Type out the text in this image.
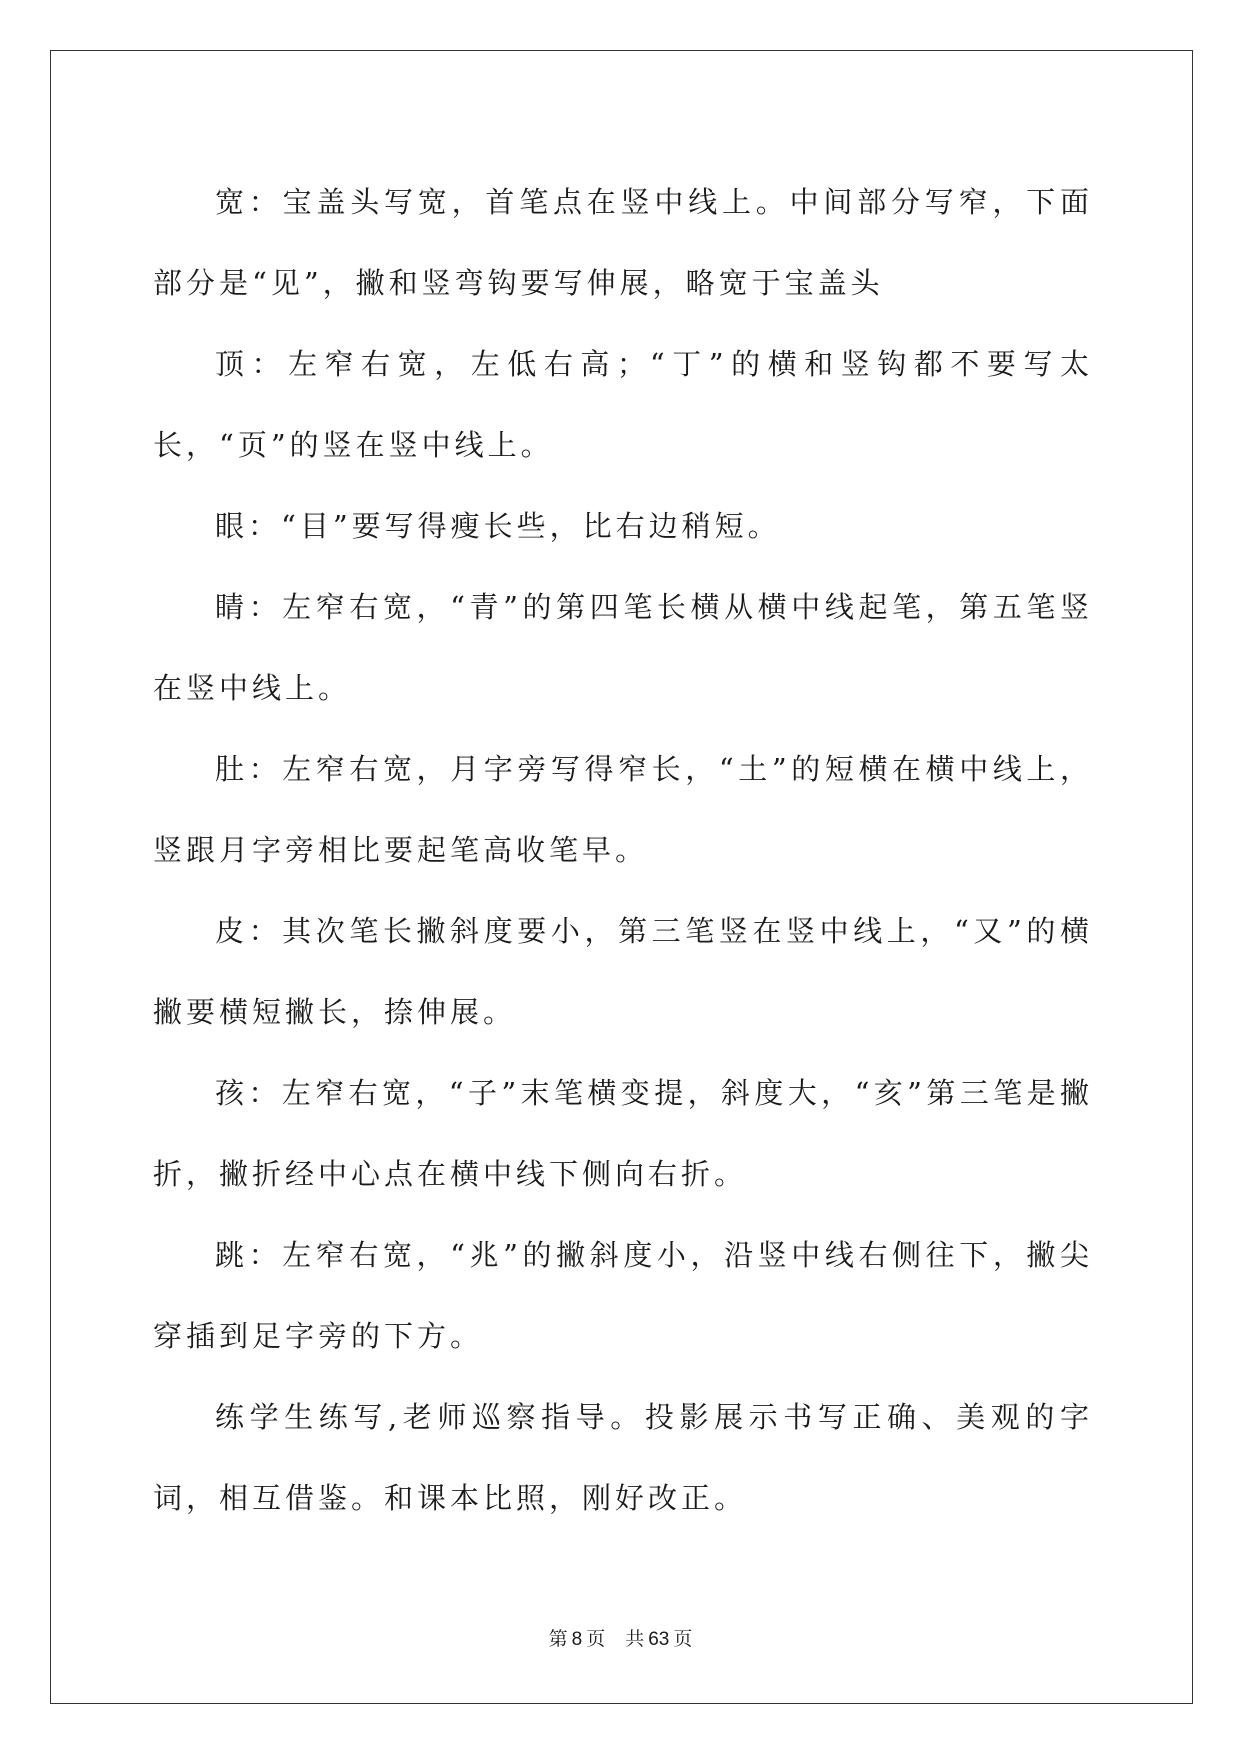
宽：宝盖头写宽，首笔点在竖中线上。中间部分写窄，下面部分是“见”，撇和竖弯钩要写伸展，略宽于宝盖头

顶：左窄右宽，左低右高；“丁”的横和竖钩都不要写太长，“页”的竖在竖中线上。

眼：“目”要写得瘦长些，比右边稍短。

睛：左窄右宽，“青”的第四笔长横从横中线起笔，第五笔竖在竖中线上。

肚：左窄右宽，月字旁写得窄长，“土”的短横在横中线上，竖跟月字旁相比要起笔高收笔早。

皮：其次笔长撇斜度要小，第三笔竖在竖中线上，“又”的横撇要横短撇长，捺伸展。

孩：左窄右宽，“子”末笔横变提，斜度大，“亥”第三笔是撇折，撇折经中心点在横中线下侧向右折。

跳：左窄右宽，“兆”的撇斜度小，沿竖中线右侧往下，撇尖穿插到足字旁的下方。

练学生练写,老师巡察指导。投影展示书写正确、美观的字词，相互借鉴。和课本比照，刚好改正。

第 8 页 共 63 页
